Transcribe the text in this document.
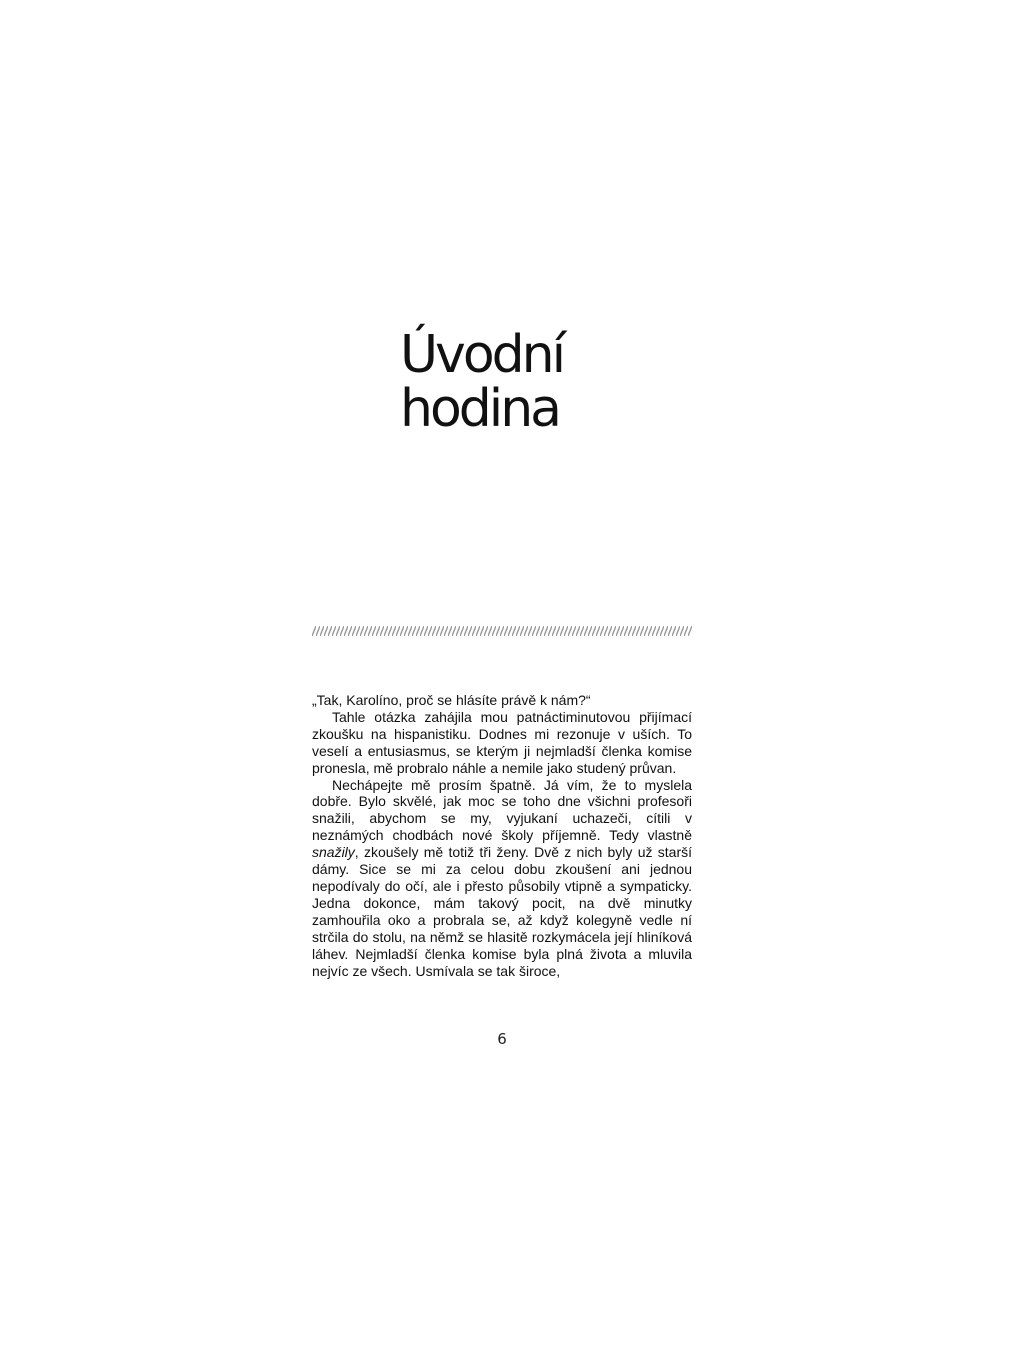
Úvodní
hodina

„Tak, Karolíno, proč se hlásíte právě k nám?“

Tahle otázka zahájila mou patnáctiminutovou přijímací zkoušku na hispanistiku. Dodnes mi rezonuje v uších. To veselí a entusiasmus, se kterým ji nejmladší členka komise pronesla, mě probralo náhle a nemile jako studený průvan.

Nechápejte mě prosím špatně. Já vím, že to myslela dobře. Bylo skvělé, jak moc se toho dne všichni profesoři snažili, abychom se my, vyjukaní uchazeči, cítili v neznámých chodbách nové školy příjemně. Tedy vlastně snažily, zkoušely mě totiž tři ženy. Dvě z nich byly už starší dámy. Sice se mi za celou dobu zkoušení ani jednou nepodívaly do očí, ale i přesto působily vtipně a sympaticky. Jedna dokonce, mám takový pocit, na dvě minutky zamhouřila oko a probrala se, až když kolegyně vedle ní strčila do stolu, na němž se hlasitě rozkymácela její hliníková láhev. Nejmladší členka komise byla plná života a mluvila nejvíc ze všech. Usmívala se tak široce,

6
